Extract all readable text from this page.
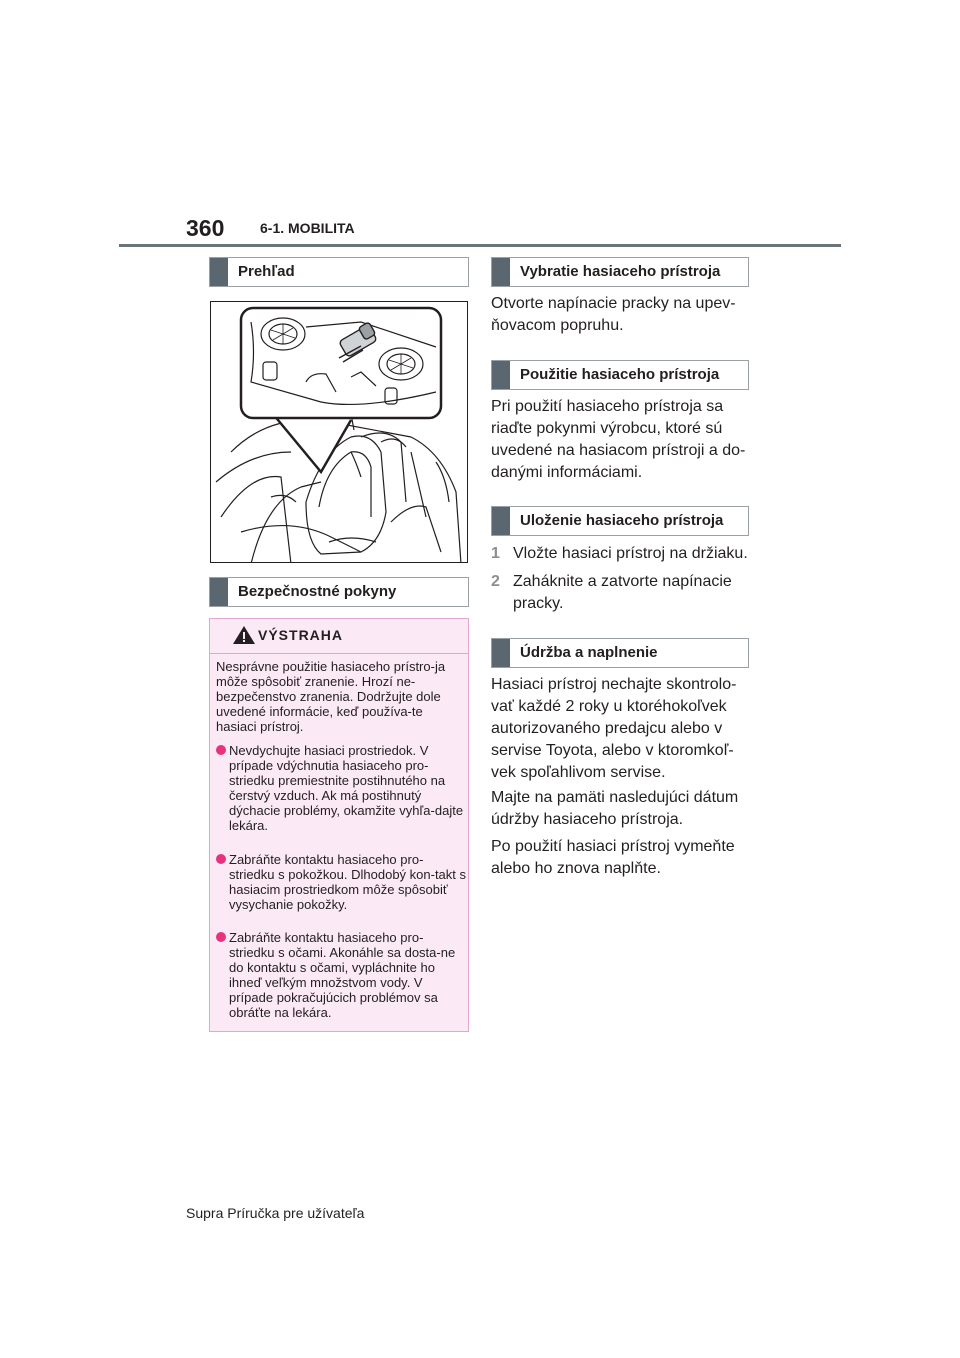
360	6-1. MOBILITA
Prehľad
Bezpečnostné pokyny
VÝSTRAHA
Nesprávne použitie hasiaceho prístro-ja môže spôsobiť zranenie. Hrozí ne-bezpečenstvo zranenia. Dodržujte dole uvedené informácie, keď používa-te hasiaci prístroj.
Nevdychujte hasiaci prostriedok. V prípade vdýchnutia hasiaceho pro-striedku premiestnite postihnutého na čerstvý vzduch. Ak má postihnutý dýchacie problémy, okamžite vyhľa-dajte lekára.
Zabráňte kontaktu hasiaceho pro-striedku s pokožkou. Dlhodobý kon-takt s hasiacim prostriedkom môže spôsobiť vysychanie pokožky.
Zabráňte kontaktu hasiaceho pro-striedku s očami. Akonáhle sa dosta-ne do kontaktu s očami, vypláchnite ho ihneď veľkým množstvom vody. V prípade pokračujúcich problémov sa obráťte na lekára.
Vybratie hasiaceho prístroja
Otvorte napínacie pracky na upev-ňovacom popruhu.
Použitie hasiaceho prístroja
Pri použití hasiaceho prístroja sa riaďte pokynmi výrobcu, ktoré sú uvedené na hasiacom prístroji a do-danými informáciami.
Uloženie hasiaceho prístroja
1 Vložte hasiaci prístroj na držiaku.
2 Zaháknite a zatvorte napínacie pracky.
Údržba a naplnenie
Hasiaci prístroj nechajte skontrolo-vať každé 2 roky u ktoréhokoľvek autorizovaného predajcu alebo v servise Toyota, alebo v ktoromkoľ-vek spoľahlivom servise.
Majte na pamäti nasledujúci dátum údržby hasiaceho prístroja.
Po použití hasiaci prístroj vymeňte alebo ho znova naplňte.
Supra Príručka pre užívateľa
